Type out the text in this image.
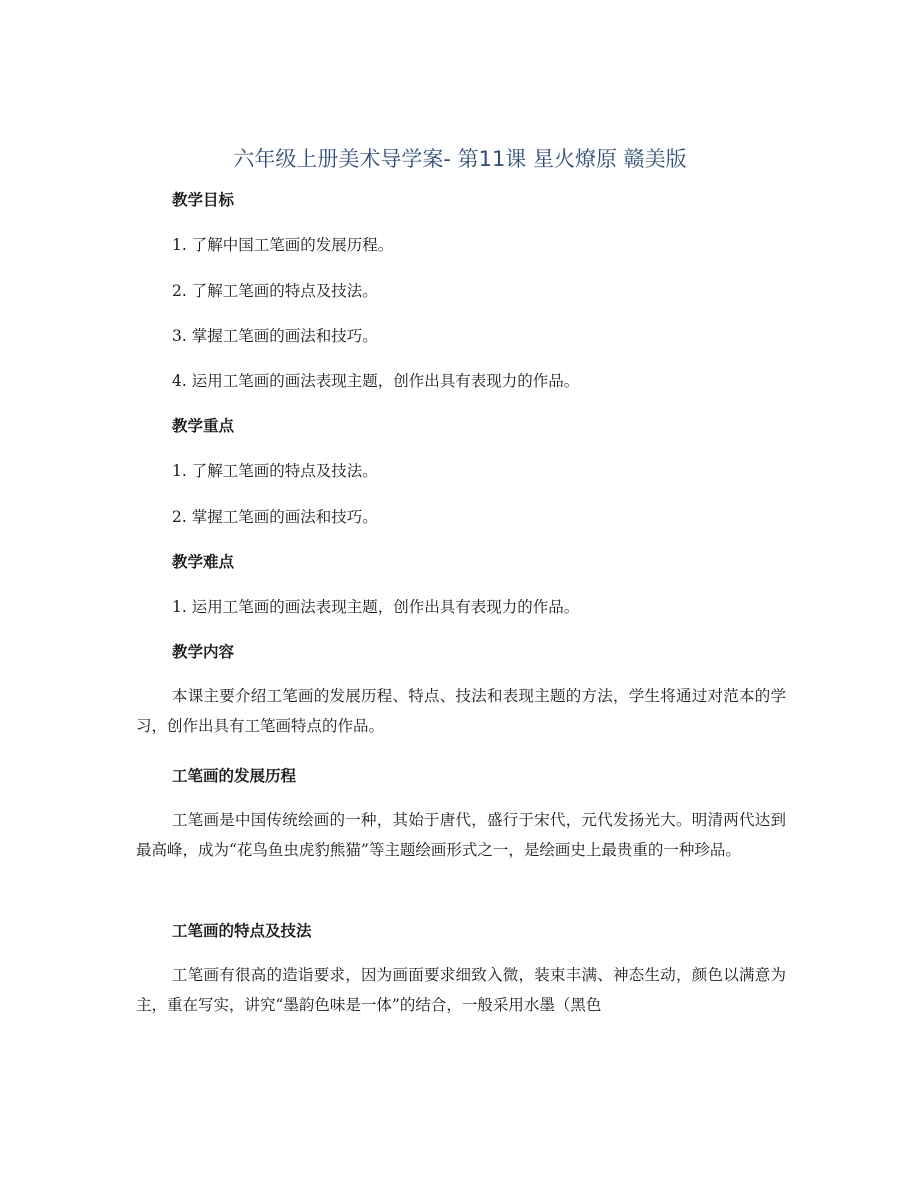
六年级上册美术导学案- 第11课 星火燎原 赣美版
教学目标
1. 了解中国工笔画的发展历程。
2. 了解工笔画的特点及技法。
3. 掌握工笔画的画法和技巧。
4. 运用工笔画的画法表现主题，创作出具有表现力的作品。
教学重点
1. 了解工笔画的特点及技法。
2. 掌握工笔画的画法和技巧。
教学难点
1. 运用工笔画的画法表现主题，创作出具有表现力的作品。
教学内容
本课主要介绍工笔画的发展历程、特点、技法和表现主题的方法，学生将通过对范本的学习，创作出具有工笔画特点的作品。
工笔画的发展历程
工笔画是中国传统绘画的一种，其始于唐代，盛行于宋代，元代发扬光大。明清两代达到最高峰，成为“花鸟鱼虫虎豹熊猫”等主题绘画形式之一，是绘画史上最贵重的一种珍品。
工笔画的特点及技法
工笔画有很高的造诣要求，因为画面要求细致入微，装束丰满、神态生动，颜色以满意为主，重在写实，讲究“墨韵色味是一体”的结合，一般采用水墨（黑色
